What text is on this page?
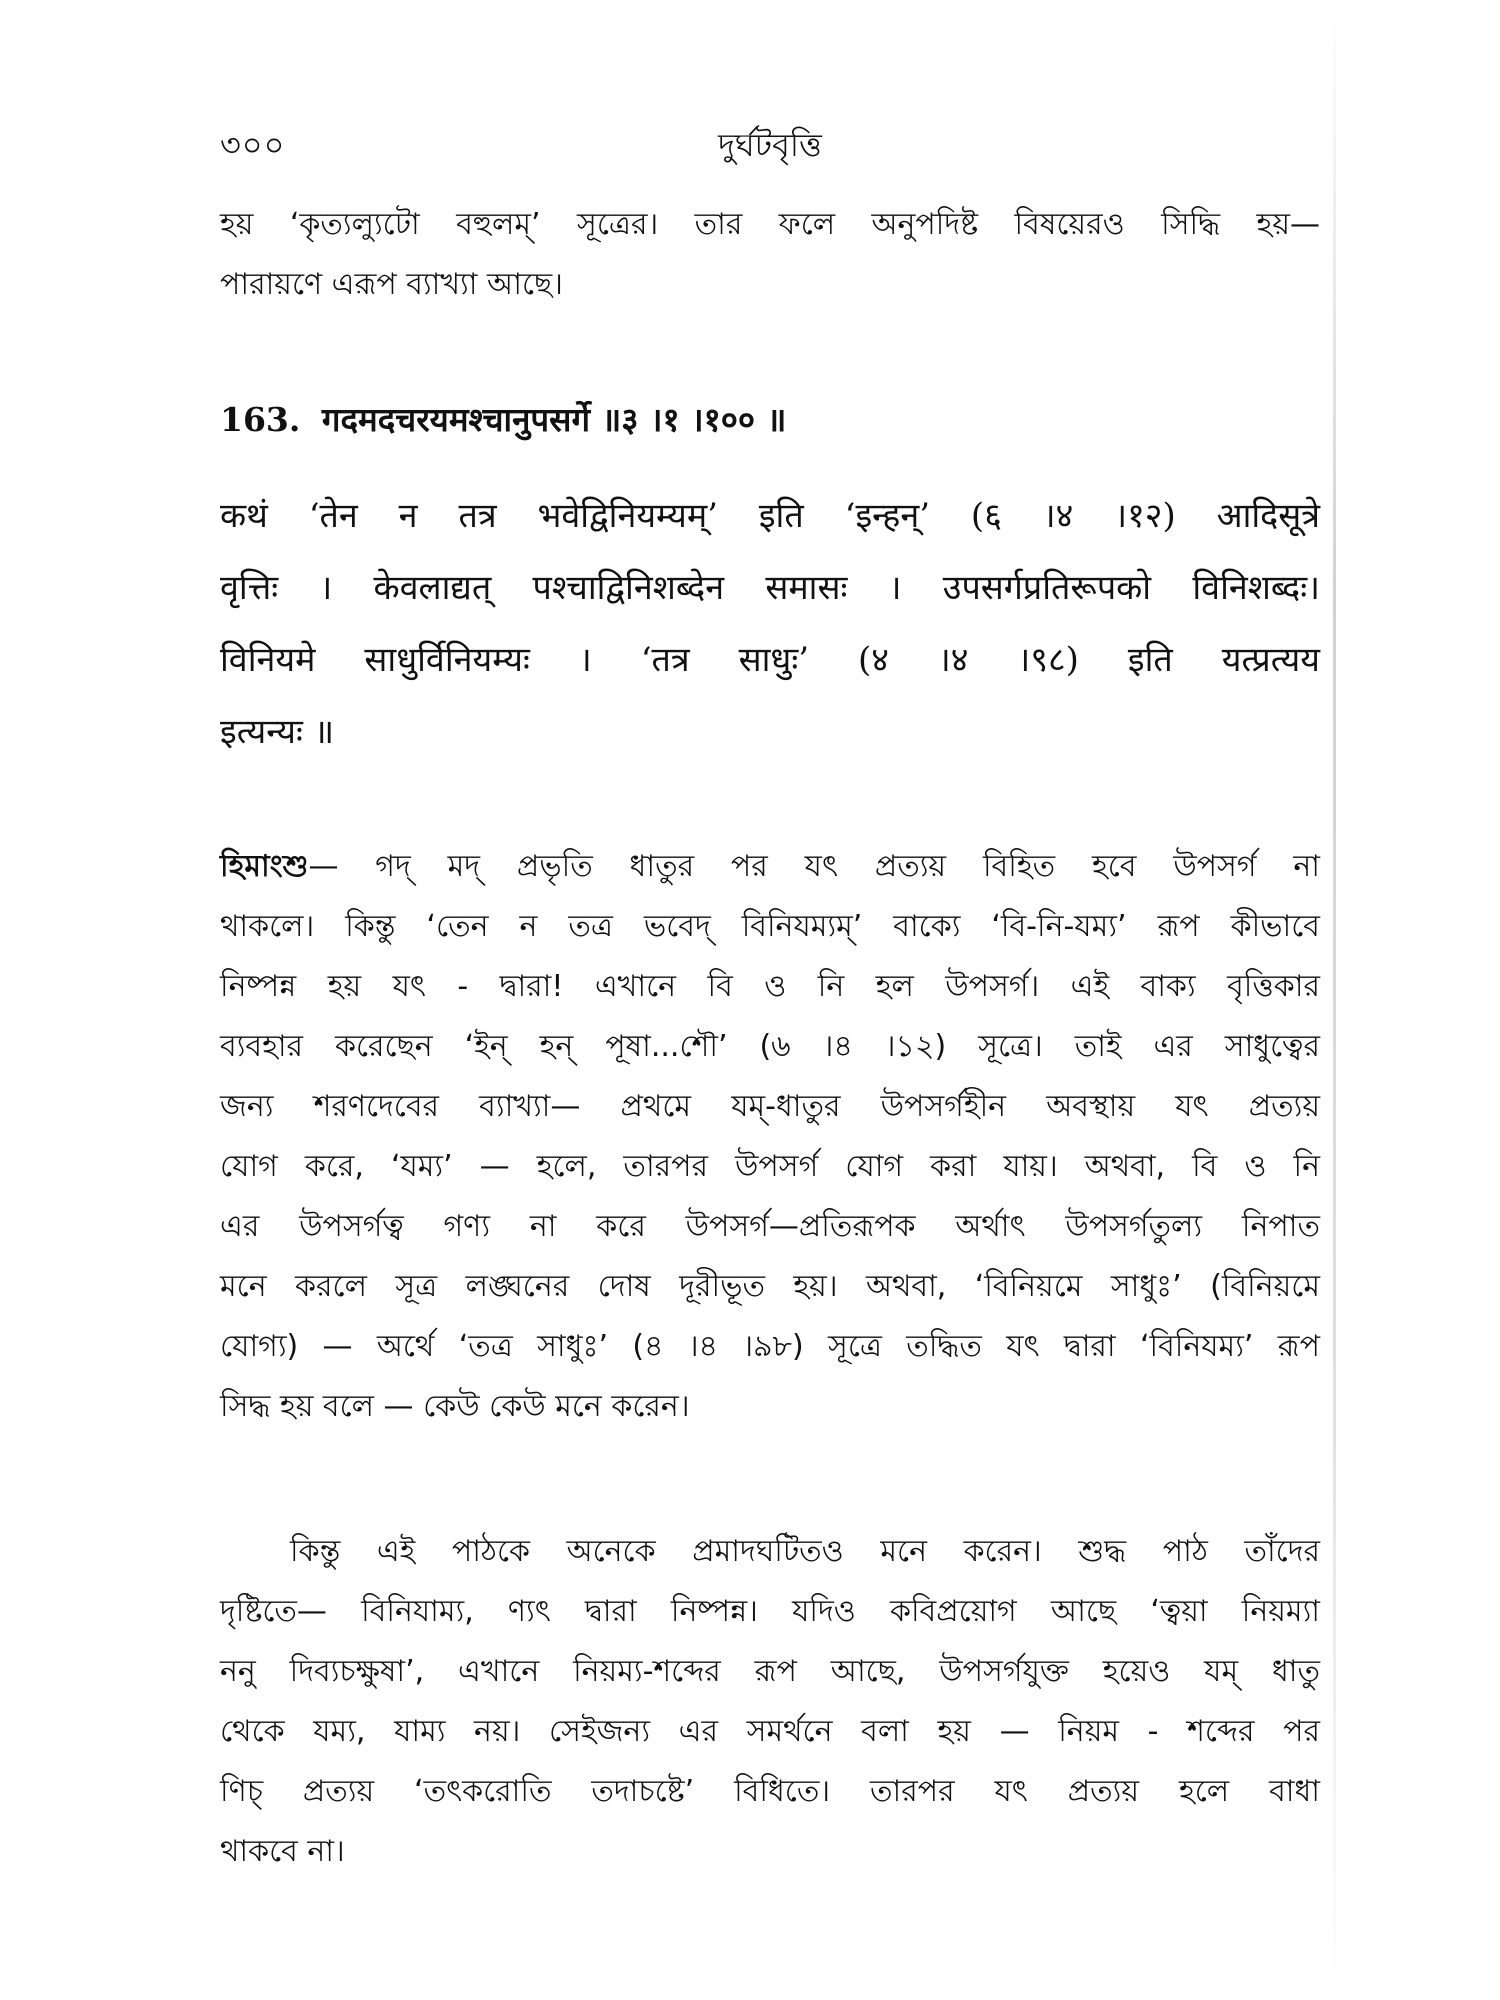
৩০০	দুর্ঘটবৃত্তি
হয় ‘কৃত্যল্যুটো বহুলম্’ সূত্রের। তার ফলে অনুপদিষ্ট বিষয়েরও সিদ্ধি হয়—
পারায়ণে এরূপ ব্যাখ্যা আছে।
163. गदमदचरयमश्चानुपसर्गे ॥३ ।१ ।१०० ॥
कथं ‘तेन न तत्र भवेद्विनियम्यम्’ इति ‘इन्हन्’ (६ ।४ ।१२) आदिसूत्रे
वृत्तिः । केवलाद्यत् पश्चाद्विनिशब्देन समासः । उपसर्गप्रतिरूपको विनिशब्दः।
विनियमे साधुर्विनियम्यः । ‘तत्र साधुः’ (४ ।४ ।९८) इति यत्प्रत्यय
इत्यन्यः ॥
হিমাংশু— গদ্ মদ্ প্রভৃতি ধাতুর পর যৎ প্রত্যয় বিহিত হবে উপসর্গ না
থাকলে। কিন্তু ‘তেন ন তত্র ভবেদ্ বিনিযম্যম্’ বাক্যে ‘বি-নি-যম্য’ রূপ কীভাবে
নিষ্পন্ন হয় যৎ - দ্বারা! এখানে বি ও নি হল উপসর্গ। এই বাক্য বৃত্তিকার
ব্যবহার করেছেন ‘ইন্ হন্ পূষা...শৌ’ (৬ ।৪ ।১২) সূত্রে। তাই এর সাধুত্বের
জন্য শরণদেবের ব্যাখ্যা— প্রথমে যম্-ধাতুর উপসর্গহীন অবস্থায় যৎ প্রত্যয়
যোগ করে, ‘যম্য’ — হলে, তারপর উপসর্গ যোগ করা যায়। অথবা, বি ও নি
এর উপসর্গত্ব গণ্য না করে উপসর্গ—প্রতিরূপক অর্থাৎ উপসর্গতুল্য নিপাত
মনে করলে সূত্র লঙ্ঘনের দোষ দূরীভূত হয়। অথবা, ‘বিনিয়মে সাধুঃ’ (বিনিয়মে
যোগ্য) — অর্থে ‘তত্র সাধুঃ’ (৪ ।৪ ।৯৮) সূত্রে তদ্ধিত যৎ দ্বারা ‘বিনিযম্য’ রূপ
সিদ্ধ হয় বলে — কেউ কেউ মনে করেন।
কিন্তু এই পাঠকে অনেকে প্রমাদঘটিতও মনে করেন। শুদ্ধ পাঠ তাঁদের
দৃষ্টিতে— বিনিযাম্য, ণ্যৎ দ্বারা নিষ্পন্ন। যদিও কবিপ্রয়োগ আছে ‘ত্বয়া নিয়ম্যা
ননু দিব্যচক্ষুষা’, এখানে নিয়ম্য-শব্দের রূপ আছে, উপসর্গযুক্ত হয়েও যম্ ধাতু
থেকে যম্য, যাম্য নয়। সেইজন্য এর সমর্থনে বলা হয় — নিয়ম - শব্দের পর
ণিচ্ প্রত্যয় ‘তৎকরোতি তদাচষ্টে’ বিধিতে। তারপর যৎ প্রত্যয় হলে বাধা
থাকবে না।
